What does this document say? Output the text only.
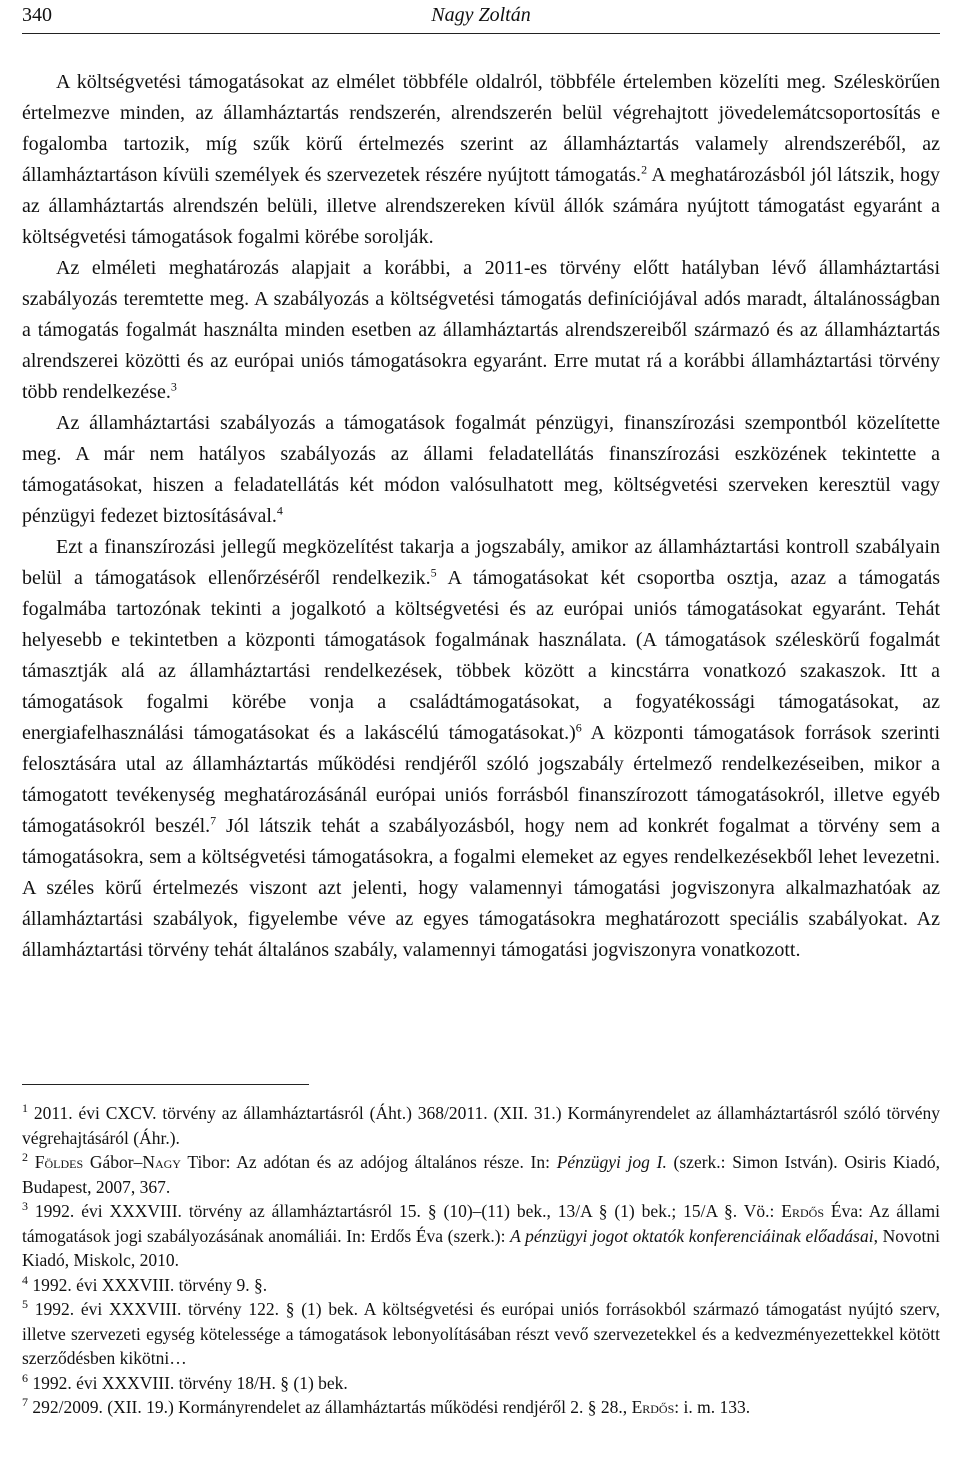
340	Nagy Zoltán

A költségvetési támogatásokat az elmélet többféle oldalról, többféle értelemben közelíti meg. Széleskörűen értelmezve minden, az államháztartás rendszerén, alrendszerén belül végrehajtott jövedelemátcsoportosítás e fogalomba tartozik, míg szűk körű értelmezés szerint az államháztartás valamely alrendszeréből, az államháztartáson kívüli személyek és szervezetek részére nyújtott támogatás.$^2$ A meghatározásból jól látszik, hogy az államháztartás alrendszén belüli, illetve alrendszereken kívül állók számára nyújtott támogatást egyaránt a költségvetési támogatások fogalmi körébe sorolják.

Az elméleti meghatározás alapjait a korábbi, a 2011-es törvény előtt hatályban lévő államháztartási szabályozás teremtette meg. A szabályozás a költségvetési támogatás definíciójával adós maradt, általánosságban a támogatás fogalmát használta minden esetben az államháztartás alrendszereiből származó és az államháztartás alrendszerei közötti és az európai uniós támogatásokra egyaránt. Erre mutat rá a korábbi államháztartási törvény több rendelkezése.$^3$

Az államháztartási szabályozás a támogatások fogalmát pénzügyi, finanszírozási szempontból közelítette meg. A már nem hatályos szabályozás az állami feladatellátás finanszírozási eszközének tekintette a támogatásokat, hiszen a feladatellátás két módon valósulhatott meg, költségvetési szerveken keresztül vagy pénzügyi fedezet biztosításával.$^4$

Ezt a finanszírozási jellegű megközelítést takarja a jogszabály, amikor az államháztartási kontroll szabályain belül a támogatások ellenőrzéséről rendelkezik.$^5$ A támogatásokat két csoportba osztja, azaz a támogatás fogalmába tartozónak tekinti a jogalkotó a költségvetési és az európai uniós támogatásokat egyaránt. Tehát helyesebb e tekintetben a központi támogatások fogalmának használata. (A támogatások széleskörű fogalmát támasztják alá az államháztartási rendelkezések, többek között a kincstárra vonatkozó szakaszok. Itt a támogatások fogalmi körébe vonja a családtámogatásokat, a fogyatékossági támogatásokat, az energiafelhasználási támogatásokat és a lakáscélú támogatásokat.)$^6$ A központi támogatások források szerinti felosztására utal az államháztartás működési rendjéről szóló jogszabály értelmező rendelkezéseiben, mikor a támogatott tevékenység meghatározásánál európai uniós forrásból finanszírozott támogatásokról, illetve egyéb támogatásokról beszél.$^7$ Jól látszik tehát a szabályozásból, hogy nem ad konkrét fogalmat a törvény sem a támogatásokra, sem a költségvetési támogatásokra, a fogalmi elemeket az egyes rendelkezésekből lehet levezetni. A széles körű értelmezés viszont azt jelenti, hogy valamennyi támogatási jogviszonyra alkalmazhatóak az államháztartási szabályok, figyelembe véve az egyes támogatásokra meghatározott speciális szabályokat. Az államháztartási törvény tehát általános szabály, valamennyi támogatási jogviszonyra vonatkozott.

$^1$ 2011. évi CXCV. törvény az államháztartásról (Áht.) 368/2011. (XII. 31.) Kormányrendelet az államháztartásról szóló törvény végrehajtásáról (Áhr.).

$^2$ Földes Gábor–Nagy Tibor: Az adótan és az adójog általános része. In: Pénzügyi jog I. (szerk.: Simon István). Osiris Kiadó, Budapest, 2007, 367.

$^3$ 1992. évi XXXVIII. törvény az államháztartásról 15. § (10)–(11) bek., 13/A § (1) bek.; 15/A §. Vö.: Erdős Éva: Az állami támogatások jogi szabályozásának anomáliái. In: Erdős Éva (szerk.): A pénzügyi jogot oktatók konferenciáinak előadásai, Novotni Kiadó, Miskolc, 2010.

$^4$ 1992. évi XXXVIII. törvény 9. §.

$^5$ 1992. évi XXXVIII. törvény 122. § (1) bek. A költségvetési és európai uniós forrásokból származó támogatást nyújtó szerv, illetve szervezeti egység kötelessége a támogatások lebonyolításában részt vevő szervezetekkel és a kedvezményezettekkel kötött szerződésben kikötni…

$^6$ 1992. évi XXXVIII. törvény 18/H. § (1) bek.

$^7$ 292/2009. (XII. 19.) Kormányrendelet az államháztartás működési rendjéről 2. § 28., Erdős: i. m. 133.
